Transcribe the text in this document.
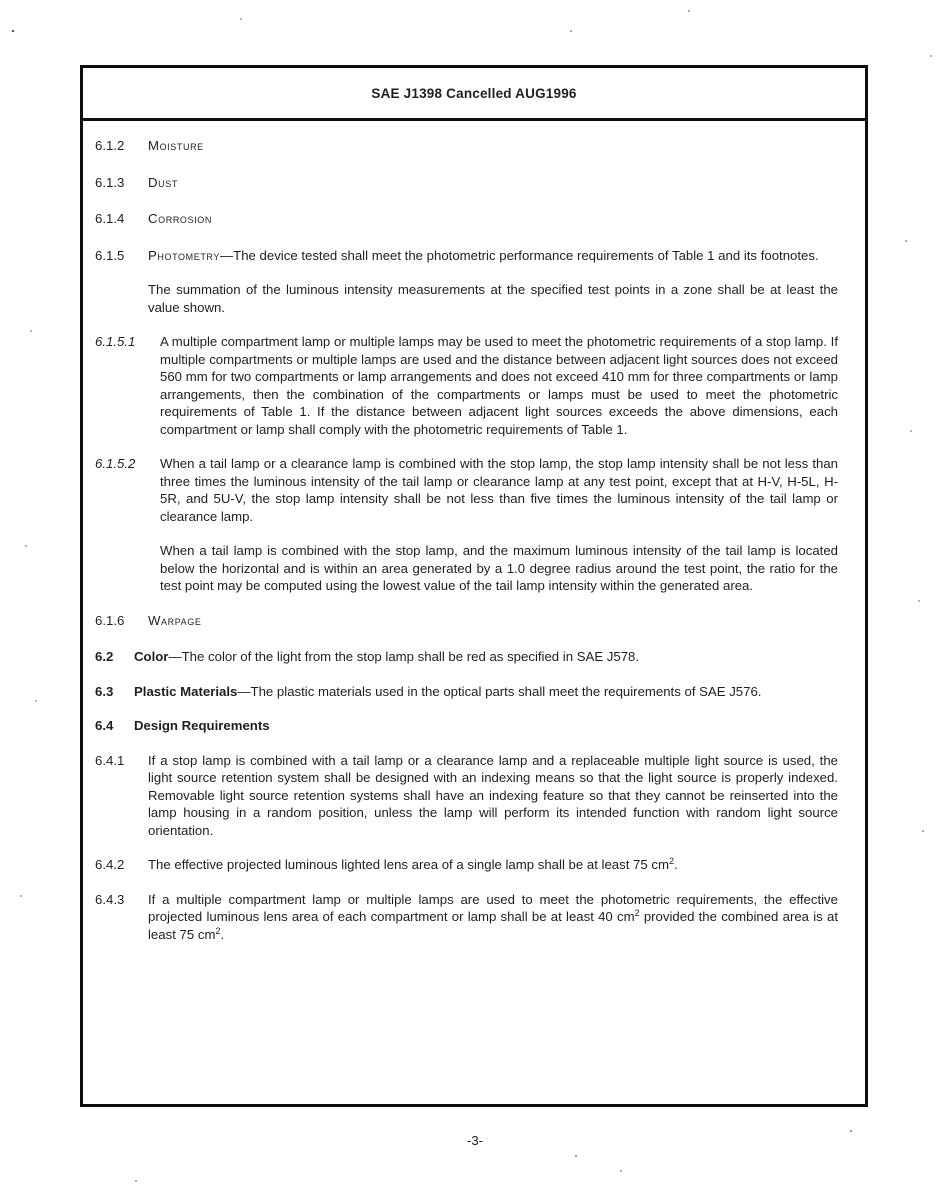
SAE J1398 Cancelled AUG1996
6.1.2	Moisture
6.1.3	Dust
6.1.4	Corrosion
6.1.5	Photometry—The device tested shall meet the photometric performance requirements of Table 1 and its footnotes.
The summation of the luminous intensity measurements at the specified test points in a zone shall be at least the value shown.
6.1.5.1	A multiple compartment lamp or multiple lamps may be used to meet the photometric requirements of a stop lamp. If multiple compartments or multiple lamps are used and the distance between adjacent light sources does not exceed 560 mm for two compartments or lamp arrangements and does not exceed 410 mm for three compartments or lamp arrangements, then the combination of the compartments or lamps must be used to meet the photometric requirements of Table 1. If the distance between adjacent light sources exceeds the above dimensions, each compartment or lamp shall comply with the photometric requirements of Table 1.
6.1.5.2	When a tail lamp or a clearance lamp is combined with the stop lamp, the stop lamp intensity shall be not less than three times the luminous intensity of the tail lamp or clearance lamp at any test point, except that at H-V, H-5L, H-5R, and 5U-V, the stop lamp intensity shall be not less than five times the luminous intensity of the tail lamp or clearance lamp.
When a tail lamp is combined with the stop lamp, and the maximum luminous intensity of the tail lamp is located below the horizontal and is within an area generated by a 1.0 degree radius around the test point, the ratio for the test point may be computed using the lowest value of the tail lamp intensity within the generated area.
6.1.6	Warpage
6.2	Color—The color of the light from the stop lamp shall be red as specified in SAE J578.
6.3	Plastic Materials—The plastic materials used in the optical parts shall meet the requirements of SAE J576.
6.4	Design Requirements
6.4.1	If a stop lamp is combined with a tail lamp or a clearance lamp and a replaceable multiple light source is used, the light source retention system shall be designed with an indexing means so that the light source is properly indexed. Removable light source retention systems shall have an indexing feature so that they cannot be reinserted into the lamp housing in a random position, unless the lamp will perform its intended function with random light source orientation.
6.4.2	The effective projected luminous lighted lens area of a single lamp shall be at least 75 $cm^2$.
6.4.3	If a multiple compartment lamp or multiple lamps are used to meet the photometric requirements, the effective projected luminous lens area of each compartment or lamp shall be at least 40 $cm^2$ provided the combined area is at least 75 $cm^2$.
-3-
